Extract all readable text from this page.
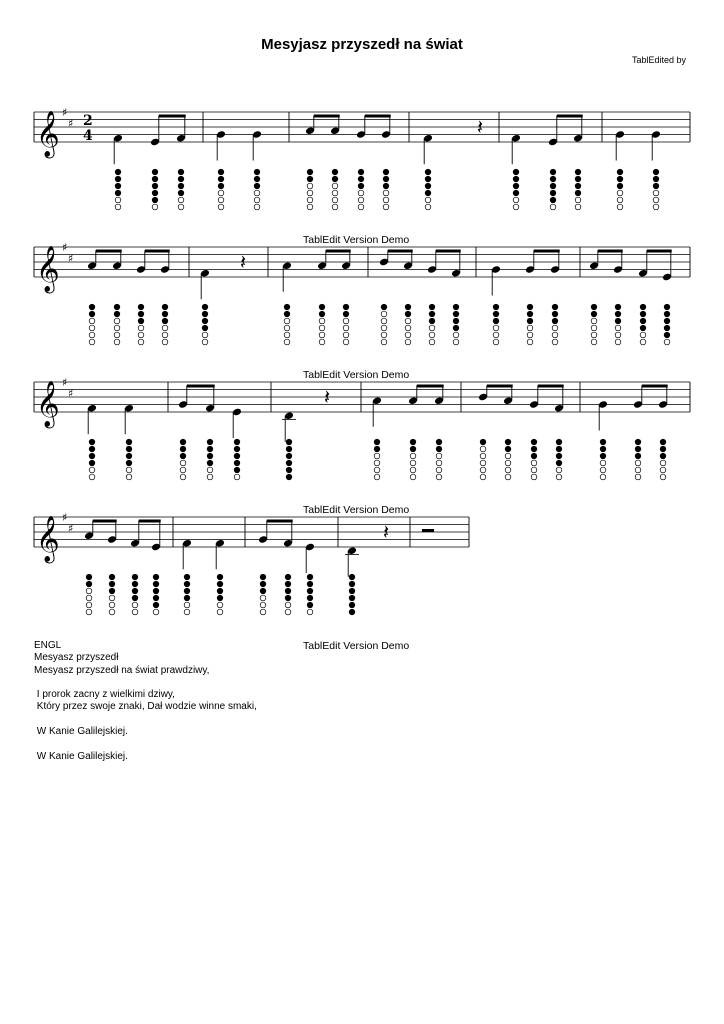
Mesyjasz przyszedł na świat
TablEdited by
𝄞 ♯
♯ 2
4	𝄽
𝄞 ♯
♯	𝄽
𝄞 ♯
♯	𝄽
𝄞 ♯
♯	𝄽
TablEdit Version Demo
TablEdit Version Demo
TablEdit Version Demo
TablEdit Version Demo
ENGL
Mesyasz przyszedł
Mesyasz przyszedł na świat prawdziwy,
I prorok zacny z wielkimi dziwy,
Który przez swoje znaki, Dał wodzie winne smaki,
W Kanie Galilejskiej.
W Kanie Galilejskiej.
